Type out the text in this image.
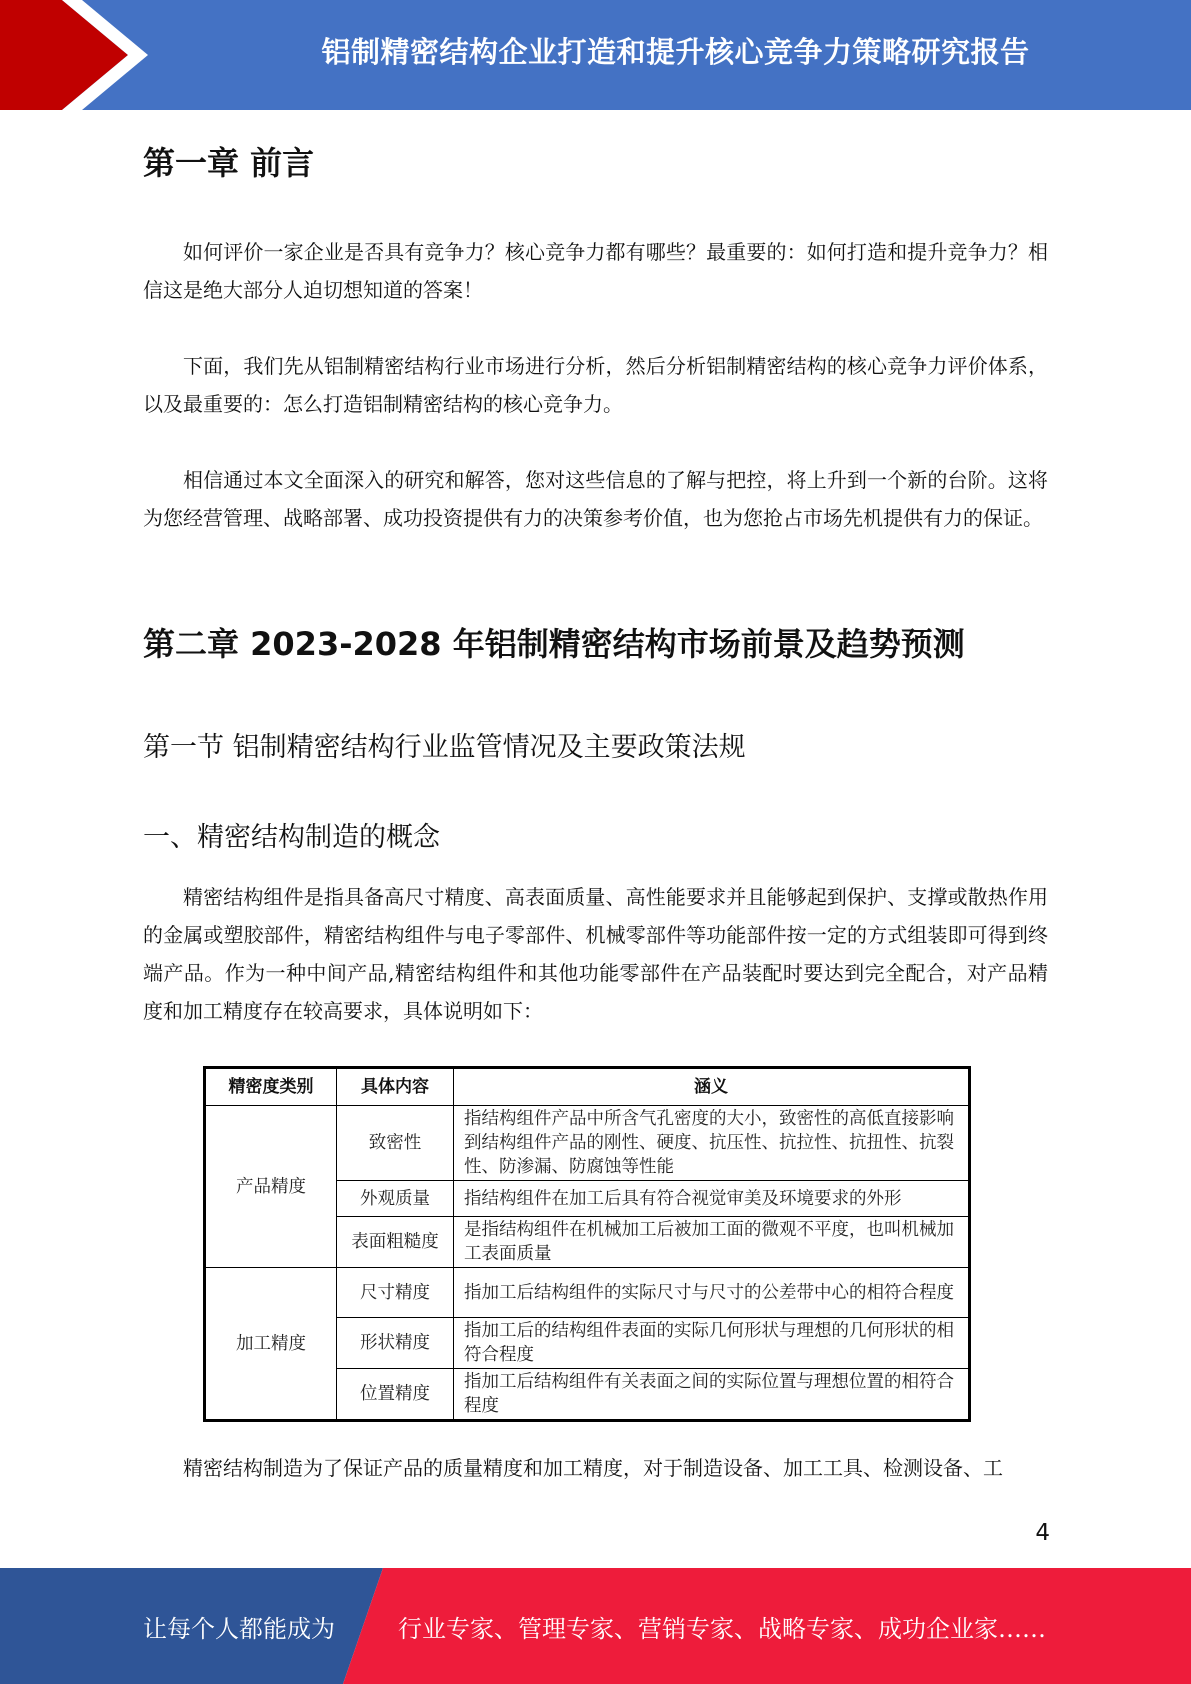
铝制精密结构企业打造和提升核心竞争力策略研究报告
第一章 前言

如何评价一家企业是否具有竞争力？核心竞争力都有哪些？最重要的：如何打造和提升竞争力？相信这是绝大部分人迫切想知道的答案！

下面，我们先从铝制精密结构行业市场进行分析，然后分析铝制精密结构的核心竞争力评价体系，以及最重要的：怎么打造铝制精密结构的核心竞争力。

相信通过本文全面深入的研究和解答，您对这些信息的了解与把控，将上升到一个新的台阶。这将为您经营管理、战略部署、成功投资提供有力的决策参考价值，也为您抢占市场先机提供有力的保证。

第二章 2023-2028 年铝制精密结构市场前景及趋势预测
第一节 铝制精密结构行业监管情况及主要政策法规
一、精密结构制造的概念

精密结构组件是指具备高尺寸精度、高表面质量、高性能要求并且能够起到保护、支撑或散热作用的金属或塑胶部件，精密结构组件与电子零部件、机械零部件等功能部件按一定的方式组装即可得到终端产品。作为一种中间产品,精密结构组件和其他功能零部件在产品装配时要达到完全配合，对产品精度和加工精度存在较高要求，具体说明如下：

精密度类别	具体内容	涵义
产品精度	致密性	指结构组件产品中所含气孔密度的大小，致密性的高低直接影响到结构组件产品的刚性、硬度、抗压性、抗拉性、抗扭性、抗裂性、防渗漏、防腐蚀等性能
	外观质量	指结构组件在加工后具有符合视觉审美及环境要求的外形
	表面粗糙度	是指结构组件在机械加工后被加工面的微观不平度，也叫机械加工表面质量
加工精度	尺寸精度	指加工后结构组件的实际尺寸与尺寸的公差带中心的相符合程度
	形状精度	指加工后的结构组件表面的实际几何形状与理想的几何形状的相符合程度
	位置精度	指加工后结构组件有关表面之间的实际位置与理想位置的相符合程度

精密结构制造为了保证产品的质量精度和加工精度，对于制造设备、加工工具、检测设备、工

4
让每个人都能成为	行业专家、管理专家、营销专家、战略专家、成功企业家……
